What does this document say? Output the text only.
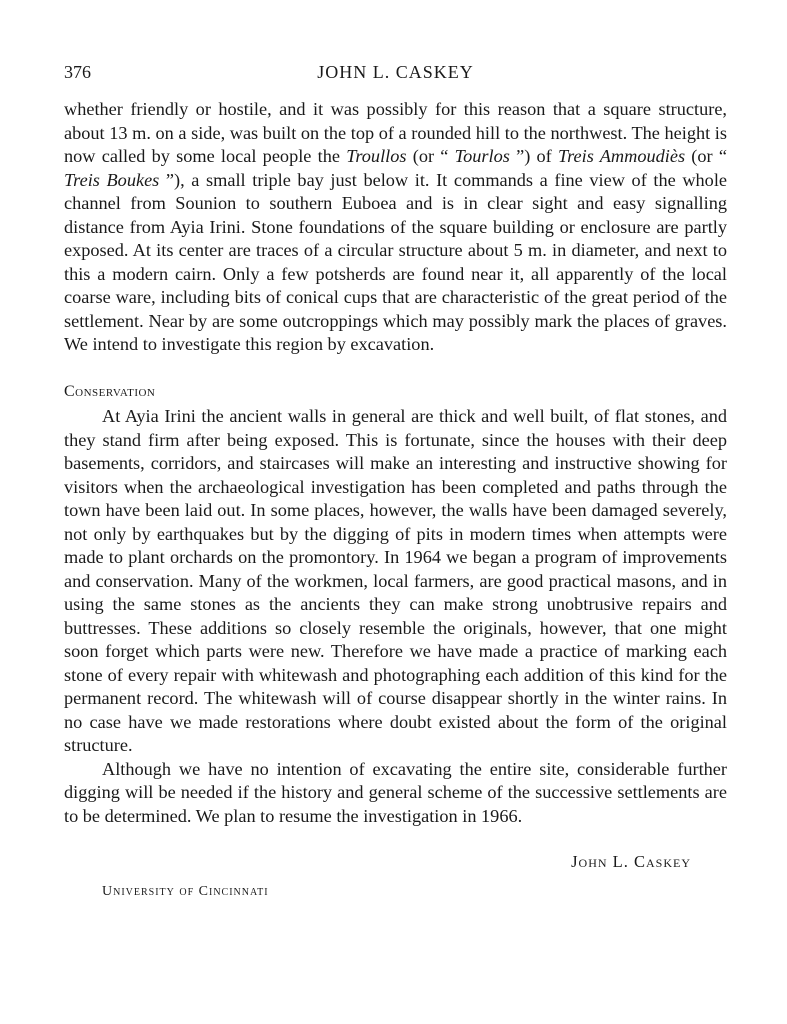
376	JOHN L. CASKEY

whether friendly or hostile, and it was possibly for this reason that a square structure, about 13 m. on a side, was built on the top of a rounded hill to the northwest. The height is now called by some local people the Troullos (or “ Tourlos ”) of Treis Ammoudiès (or “ Treis Boukes ”), a small triple bay just below it. It commands a fine view of the whole channel from Sounion to southern Euboea and is in clear sight and easy signalling distance from Ayia Irini. Stone foundations of the square building or enclosure are partly exposed. At its center are traces of a circular structure about 5 m. in diameter, and next to this a modern cairn. Only a few potsherds are found near it, all apparently of the local coarse ware, including bits of conical cups that are characteristic of the great period of the settlement. Near by are some outcroppings which may possibly mark the places of graves. We intend to investigate this region by excavation.

Conservation

At Ayia Irini the ancient walls in general are thick and well built, of flat stones, and they stand firm after being exposed. This is fortunate, since the houses with their deep basements, corridors, and staircases will make an interesting and instructive showing for visitors when the archaeological investigation has been completed and paths through the town have been laid out. In some places, however, the walls have been damaged severely, not only by earthquakes but by the digging of pits in modern times when attempts were made to plant orchards on the promontory. In 1964 we began a program of improvements and conservation. Many of the workmen, local farmers, are good practical masons, and in using the same stones as the ancients they can make strong unobtrusive repairs and buttresses. These additions so closely resemble the originals, however, that one might soon forget which parts were new. Therefore we have made a practice of marking each stone of every repair with whitewash and photographing each addition of this kind for the permanent record. The whitewash will of course disappear shortly in the winter rains. In no case have we made restorations where doubt existed about the form of the original structure.

Although we have no intention of excavating the entire site, considerable further digging will be needed if the history and general scheme of the successive settlements are to be determined. We plan to resume the investigation in 1966.

John L. Caskey
University of Cincinnati
